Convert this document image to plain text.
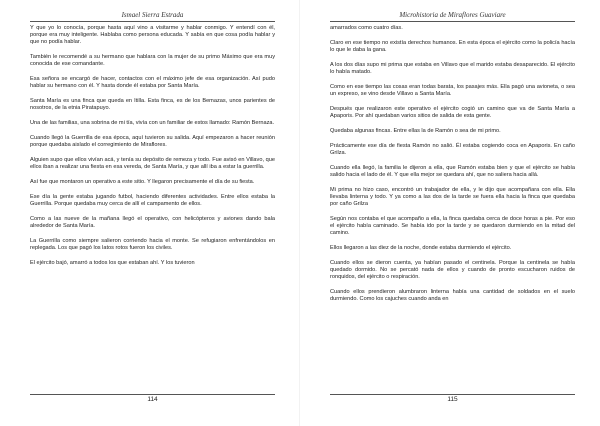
Ismael Sierra Estrada

Y que yo lo conocía, porque hasta aquí vino a visitarme y hablar conmigo. Y entendí con él, porque era muy inteligente. Hablaba como persona educada. Y sabía en que cosa podía hablar y que no podía hablar.

También le recomendé a su hermano que hablara con la mujer de su primo Máximo que era muy conocida de ese comandante.

Esa señora se encargó de hacer, contactos con el máximo jefe de esa organización. Así pudo hablar su hermano con él. Y hasta donde él estaba por Santa María.

Santa María es una finca que queda en Itilla. Esta finca, es de los Bemazas, unos parientes de nosotros, de la etnia Piratapuyo.

Una de las familias, una sobrina de mi tía, vivía con un familiar de estos llamado: Ramón Bernaza.

Cuando llegó la Guerrilla de esa época, aquí tuvieron su salida. Aquí empezaron a hacer reunión porque quedaba aislado el corregimiento de Miraflores.

Alguien supo que ellos vivían acá, y tenía su depósito de remeza y todo. Fue avisó en Villavo, que ellos iban a realizar una fiesta en esa vereda, de Santa María, y que allí iba a estar la guerrilla.

Así fue que montaron un operativo a este sitio. Y llegaron precisamente el día de su fiesta.

Ese día la gente estaba jugando futbol, haciendo diferentes actividades. Entre ellos estaba la Guerrilla. Porque quedaba muy cerca de allí el campamento de ellos.

Como a las nueve de la mañana llegó el operativo, con helicópteros y aviones dando bala alrededor de Santa María.

La Guerrilla como siempre salieron corriendo hacia el monte. Se refugiaron enfrentándolos en replegada. Los que pagó los latos rotos fueron los civiles.

El ejército bajó, amarró a todos los que estaban ahí. Y los tuvieron

114
Microhistoria de Miraflores Guaviare

amarrados como cuatro días.

Claro en ese tiempo no existía derechos humanos. En esta época el ejército como la policía hacía lo que le daba la gana.

A los dos días supo mi prima que estaba en Villavo que el marido estaba desaparecido. El ejército lo había matado.

Como en ese tiempo las cosas eran todas barata, los pasajes más. Ella pagó una avioneta, o sea un expreso, se vino desde Villavo a Santa María.

Después que realizaron este operativo el ejército cogió un camino que va de Santa María a Apaporis. Por ahí quedaban varios sitios de salida de esta gente.

Quedaba algunas fincas. Entre ellas la de Ramón o sea de mi primo.

Prácticamente ese día de fiesta Ramón no salió. Él estaba cogiendo coca en Apaporis. En caño Grilza.

Cuando ella llegó, la familia le dijeron a ella, que Ramón estaba bien y que el ejército se había salido hacia el lado de él. Y que ella mejor se quedara ahí, que no saliera hacia allá.

Mi prima no hizo caso, encontró un trabajador de ella, y le dijo que acompañara con ella. Ella llevaba linterna y todo. Y ya como a las dos de la tarde se fuera ella hacia la finca que quedaba por caño Grilza

Según nos contaba el que acompaño a ella, la finca quedaba cerca de doce horas a pie. Por eso el ejército había caminado. Se había ido por la tarde y se quedaron durmiendo en la mitad del camino.

Ellos llegaron a las diez de la noche, donde estaba durmiendo el ejército.

Cuando ellos se dieron cuenta, ya habían pasado el centinela. Porque la centinela se había quedado dormido. No se percató nada de ellos y cuando de pronto escucharon ruidos de ronquidos, del ejército o respiración.

Cuando ellos prendieron alumbraron linterna había una cantidad de soldados en el suelo durmiendo. Como los cajuches cuando anda en

115
